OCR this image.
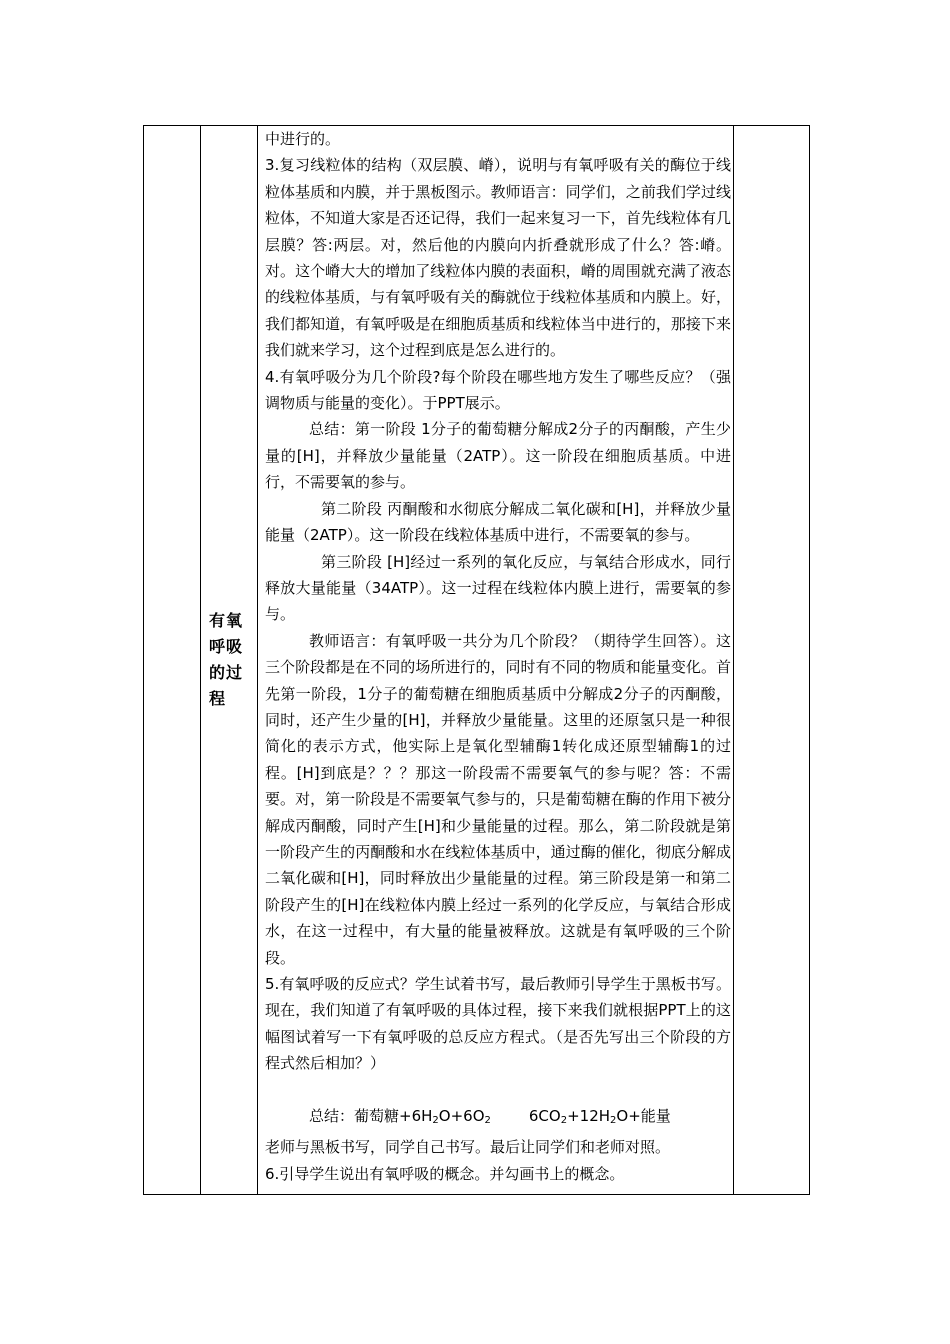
有氧呼吸的过程

中进行的。

3.复习线粒体的结构（双层膜、嵴），说明与有氧呼吸有关的酶位于线粒体基质和内膜，并于黑板图示。教师语言：同学们，之前我们学过线粒体，不知道大家是否还记得，我们一起来复习一下，首先线粒体有几层膜？答:两层。对，然后他的内膜向内折叠就形成了什么？答:嵴。对。这个嵴大大的增加了线粒体内膜的表面积，嵴的周围就充满了液态的线粒体基质，与有氧呼吸有关的酶就位于线粒体基质和内膜上。好，我们都知道，有氧呼吸是在细胞质基质和线粒体当中进行的，那接下来我们就来学习，这个过程到底是怎么进行的。

4.有氧呼吸分为几个阶段?每个阶段在哪些地方发生了哪些反应？（强调物质与能量的变化）。于PPT展示。

总结：第一阶段 1分子的葡萄糖分解成2分子的丙酮酸，产生少量的[H]，并释放少量能量（2ATP）。这一阶段在细胞质基质。中进行，不需要氧的参与。

第二阶段 丙酮酸和水彻底分解成二氧化碳和[H]，并释放少量能量（2ATP）。这一阶段在线粒体基质中进行，不需要氧的参与。

第三阶段 [H]经过一系列的氧化反应，与氧结合形成水，同行释放大量能量（34ATP）。这一过程在线粒体内膜上进行，需要氧的参与。

教师语言：有氧呼吸一共分为几个阶段？（期待学生回答）。这三个阶段都是在不同的场所进行的，同时有不同的物质和能量变化。首先第一阶段，1分子的葡萄糖在细胞质基质中分解成2分子的丙酮酸，同时，还产生少量的[H]，并释放少量能量。这里的还原氢只是一种很简化的表示方式，他实际上是氧化型辅酶1转化成还原型辅酶1的过程。[H]到底是？？？那这一阶段需不需要氧气的参与呢？答：不需要。对，第一阶段是不需要氧气参与的，只是葡萄糖在酶的作用下被分解成丙酮酸，同时产生[H]和少量能量的过程。那么，第二阶段就是第一阶段产生的丙酮酸和水在线粒体基质中，通过酶的催化，彻底分解成二氧化碳和[H]，同时释放出少量能量的过程。第三阶段是第一和第二阶段产生的[H]在线粒体内膜上经过一系列的化学反应，与氧结合形成水，在这一过程中，有大量的能量被释放。这就是有氧呼吸的三个阶段。

5.有氧呼吸的反应式？学生试着书写，最后教师引导学生于黑板书写。现在，我们知道了有氧呼吸的具体过程，接下来我们就根据PPT上的这幅图试着写一下有氧呼吸的总反应方程式。（是否先写出三个阶段的方程式然后相加？）

总结：葡萄糖$+6H_2O+6O_2$	$6CO_2+12H_2O+$能量

老师与黑板书写，同学自己书写。最后让同学们和老师对照。

6.引导学生说出有氧呼吸的概念。并勾画书上的概念。
